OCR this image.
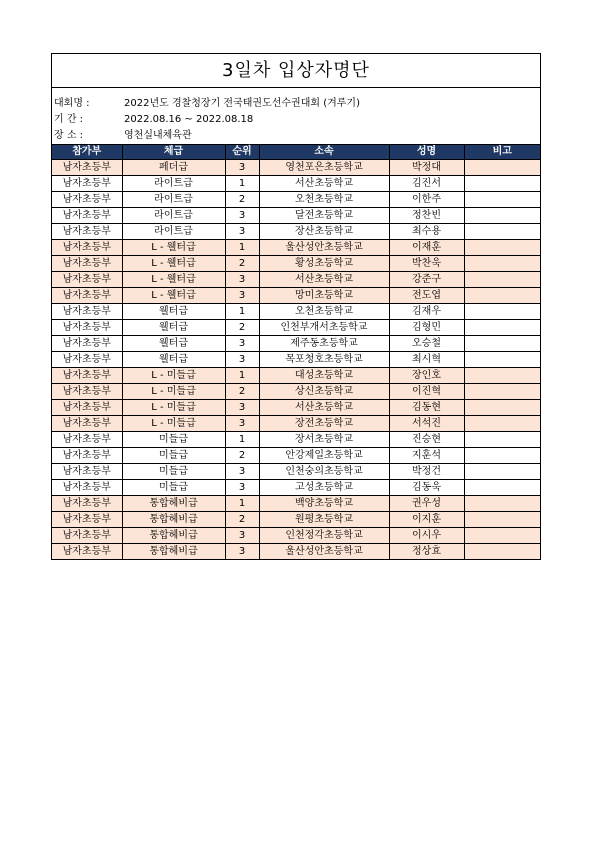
3일차 입상자명단
대회명 :	2022년도 경찰청장기 전국태권도선수권대회 (겨루기)
기 간 :	2022.08.16 ~ 2022.08.18
장 소 :	영천실내체육관
참가부	체급	순위	소속	성명	비고
남자초등부	페더급	3	영천포은초등학교	박정대	
남자초등부	라이트급	1	서산초등학교	김진서	
남자초등부	라이트급	2	오천초등학교	이한주	
남자초등부	라이트급	3	달전초등학교	정찬빈	
남자초등부	라이트급	3	장산초등학교	최수용	
남자초등부	L - 웰터급	1	울산성안초등학교	이재훈	
남자초등부	L - 웰터급	2	황성초등학교	박찬욱	
남자초등부	L - 웰터급	3	서산초등학교	강준구	
남자초등부	L - 웰터급	3	망미초등학교	전도엽	
남자초등부	웰터급	1	오천초등학교	김재우	
남자초등부	웰터급	2	인천부개서초등학교	김형민	
남자초등부	웰터급	3	제주동초등학교	오승철	
남자초등부	웰터급	3	목포청호초등학교	최시혁	
남자초등부	L - 미들급	1	대성초등학교	장인호	
남자초등부	L - 미들급	2	상신초등학교	이진혁	
남자초등부	L - 미들급	3	서산초등학교	김동현	
남자초등부	L - 미들급	3	장전초등학교	서석진	
남자초등부	미들급	1	장서초등학교	진승현	
남자초등부	미들급	2	안강제일초등학교	지훈석	
남자초등부	미들급	3	인천숭의초등학교	박정건	
남자초등부	미들급	3	고성초등학교	김동욱	
남자초등부	통합헤비급	1	백양초등학교	권우성	
남자초등부	통합헤비급	2	원평초등학교	이지훈	
남자초등부	통합헤비급	3	인천정각초등학교	이시우	
남자초등부	통합헤비급	3	울산성안초등학교	정상효	
